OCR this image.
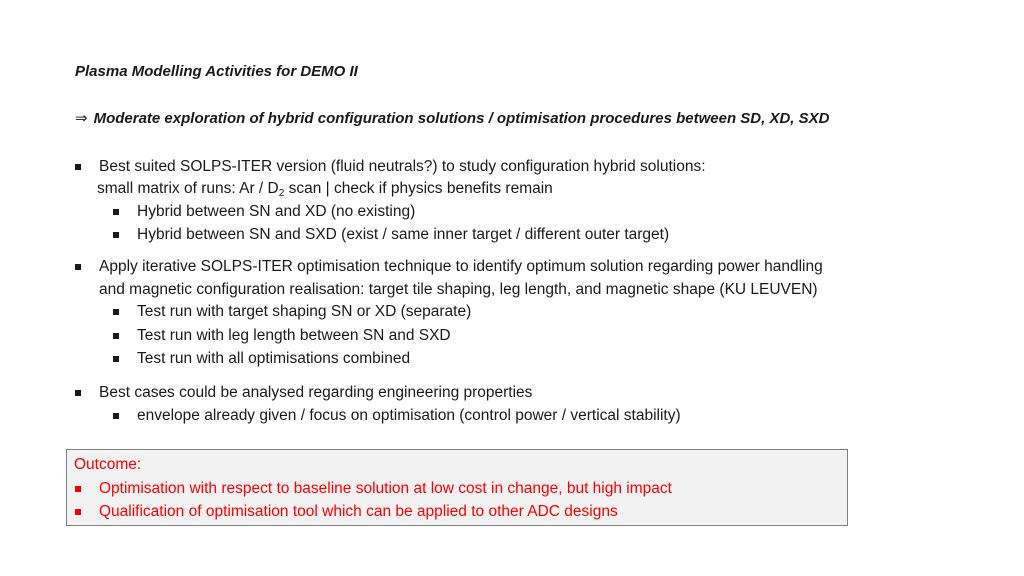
Plasma Modelling Activities for DEMO II
⇒ Moderate exploration of hybrid configuration solutions / optimisation procedures between SD, XD, SXD
Best suited SOLPS-ITER version (fluid neutrals?) to study configuration hybrid solutions:
small matrix of runs: Ar / $D_2$ scan | check if physics benefits remain
Hybrid between SN and XD (no existing)
Hybrid between SN and SXD (exist / same inner target / different outer target)
Apply iterative SOLPS-ITER optimisation technique to identify optimum solution regarding power handling
and magnetic configuration realisation: target tile shaping, leg length, and magnetic shape (KU LEUVEN)
Test run with target shaping SN or XD (separate)
Test run with leg length between SN and SXD
Test run with all optimisations combined
Best cases could be analysed regarding engineering properties
envelope already given / focus on optimisation (control power / vertical stability)
Outcome:
Optimisation with respect to baseline solution at low cost in change, but high impact
Qualification of optimisation tool which can be applied to other ADC designs
